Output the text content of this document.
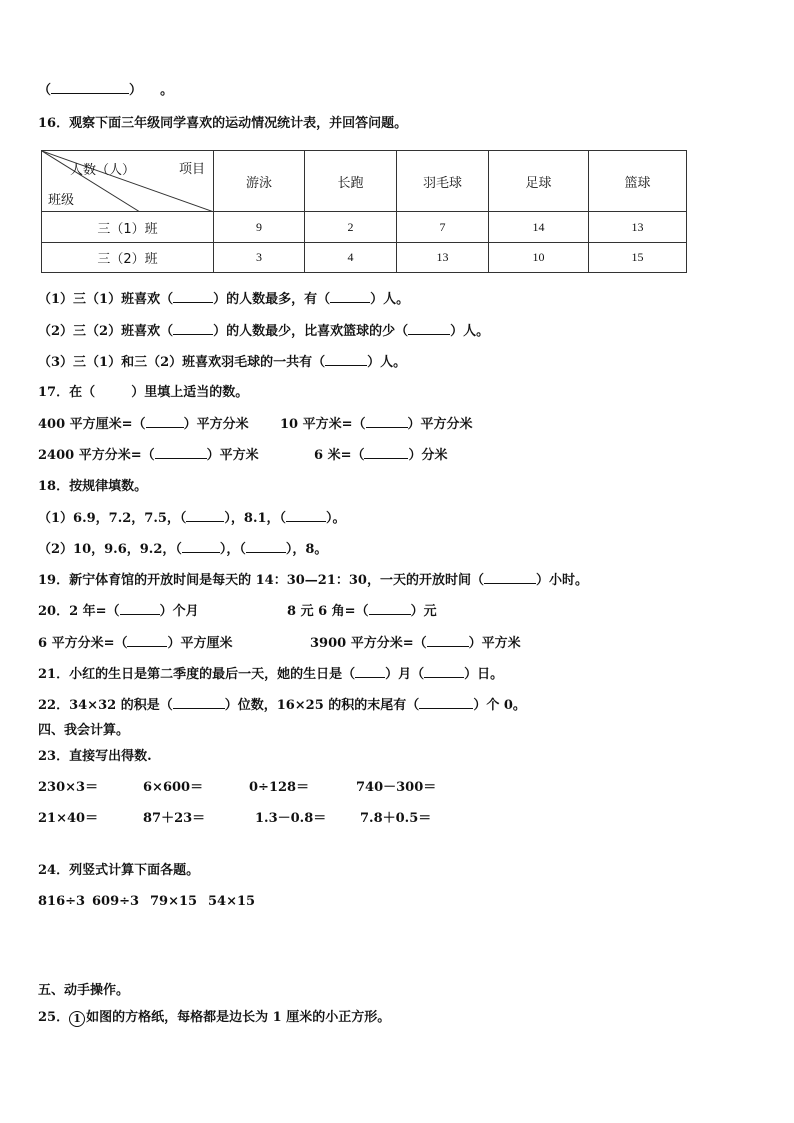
（	） 。
16．观察下面三年级同学喜欢的运动情况统计表，并回答问题。
人数（人） 项目
班级	游泳	长跑	羽毛球	足球	篮球
三（1）班	9	2	7	14	13
三（2）班	3	4	13	10	15
（1）三（1）班喜欢（	）的人数最多，有（	）人。
（2）三（2）班喜欢（	）的人数最少，比喜欢篮球的少（	）人。
（3）三（1）和三（2）班喜欢羽毛球的一共有（	）人。
17．在（        ）里填上适当的数。
400 平方厘米=（	）平方分米 10 平方米=（	）平方分米
2400 平方分米=（	）平方米	6 米=（	）分米
18．按规律填数。
（1）6.9，7.2，7.5，（	），8.1，（	）。
（2）10，9.6，9.2，（	），（	），8。
19．新宁体育馆的开放时间是每天的 14：30—21：30，一天的开放时间（	）小时。
20．2 年=（	）个月	8 元 6 角=（	）元
6 平方分米=（	）平方厘米	3900 平方分米=（	）平方米
21．小红的生日是第二季度的最后一天，她的生日是（ ）月（	）日。
22．34×32 的积是（	）位数，16×25 的积的末尾有（	）个 0。
四、我会计算。
23．直接写出得数.
230×3＝	6×600＝	0÷128＝	740－300＝
21×40＝	87＋23＝	1.3－0.8＝	7.8＋0.5＝
24．列竖式计算下面各题。
816÷3 609÷3 79×15 54×15
五、动手操作。
25． 1 如图的方格纸，每格都是边长为 1 厘米的小正方形。
